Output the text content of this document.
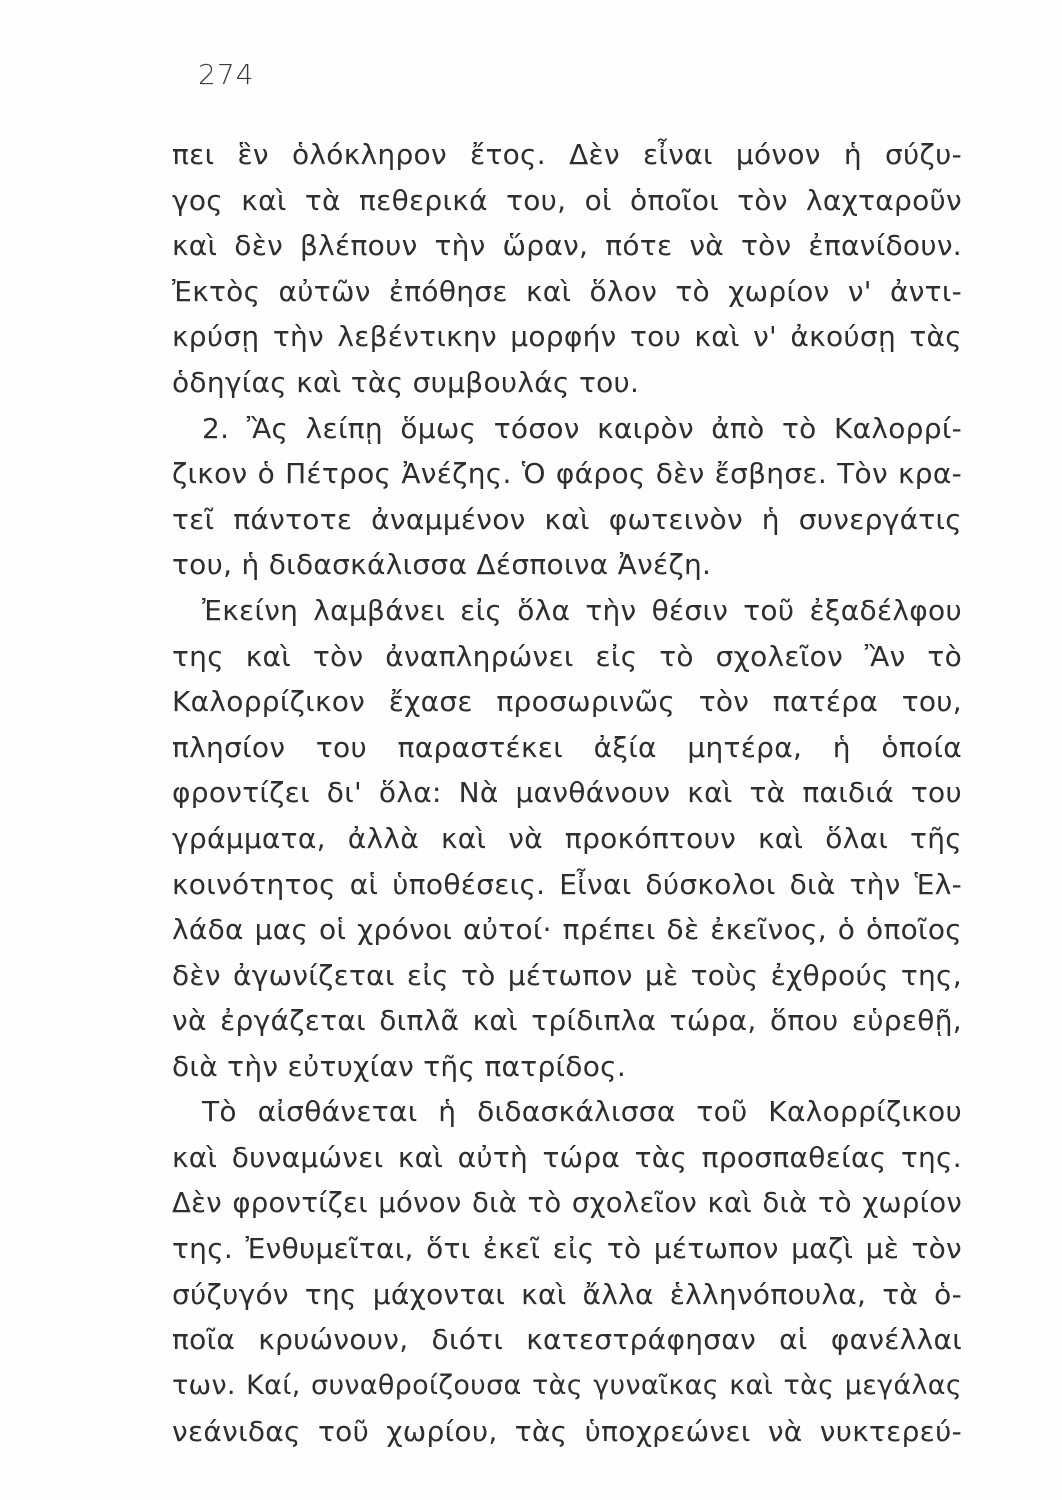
274
πει ἓν ὁλόκληρον ἔτος. Δὲν εἶναι μόνον ἡ σύζυ-
γος καὶ τὰ πεθερικά του, οἱ ὁποῖοι τὸν λαχταροῦν
καὶ δὲν βλέπουν τὴν ὥραν, πότε νὰ τὸν ἐπανίδουν.
Ἐκτὸς αὐτῶν ἐπόθησε καὶ ὅλον τὸ χωρίον ν' ἀντι-
κρύσῃ τὴν λεβέντικην μορφήν του καὶ ν' ἀκούσῃ τὰς
ὁδηγίας καὶ τὰς συμβουλάς του.
2. Ἂς λείπῃ ὅμως τόσον καιρὸν ἀπὸ τὸ Καλορρί-
ζικον ὁ Πέτρος Ἀνέζης. Ὁ φάρος δὲν ἔσβησε. Τὸν κρα-
τεῖ πάντοτε ἀναμμένον καὶ φωτεινὸν ἡ συνεργάτις
του, ἡ διδασκάλισσα Δέσποινα Ἀνέζη.
Ἐκείνη λαμβάνει εἰς ὅλα τὴν θέσιν τοῦ ἐξαδέλφου
της καὶ τὸν ἀναπληρώνει εἰς τὸ σχολεῖον Ἂν τὸ
Καλορρίζικον ἔχασε προσωρινῶς τὸν πατέρα του,
πλησίον του παραστέκει ἀξία μητέρα, ἡ ὁποία
φροντίζει δι' ὅλα: Νὰ μανθάνουν καὶ τὰ παιδιά του
γράμματα, ἀλλὰ καὶ νὰ προκόπτουν καὶ ὅλαι τῆς
κοινότητος αἱ ὑποθέσεις. Εἶναι δύσκολοι διὰ τὴν Ἑλ-
λάδα μας οἱ χρόνοι αὐτοί· πρέπει δὲ ἐκεῖνος, ὁ ὁποῖος
δὲν ἀγωνίζεται εἰς τὸ μέτωπον μὲ τοὺς ἐχθρούς της,
νὰ ἐργάζεται διπλᾶ καὶ τρίδιπλα τώρα, ὅπου εὑρεθῇ,
διὰ τὴν εὐτυχίαν τῆς πατρίδος.
Τὸ αἰσθάνεται ἡ διδασκάλισσα τοῦ Καλορρίζικου
καὶ δυναμώνει καὶ αὐτὴ τώρα τὰς προσπαθείας της.
Δὲν φροντίζει μόνον διὰ τὸ σχολεῖον καὶ διὰ τὸ χωρίον
της. Ἐνθυμεῖται, ὅτι ἐκεῖ εἰς τὸ μέτωπον μαζὶ μὲ τὸν
σύζυγόν της μάχονται καὶ ἄλλα ἑλληνόπουλα, τὰ ὁ-
ποῖα κρυώνουν, διότι κατεστράφησαν αἱ φανέλλαι
των. Καί, συναθροίζουσα τὰς γυναῖκας καὶ τὰς μεγάλας
νεάνιδας τοῦ χωρίου, τὰς ὑποχρεώνει νὰ νυκτερεύ-
